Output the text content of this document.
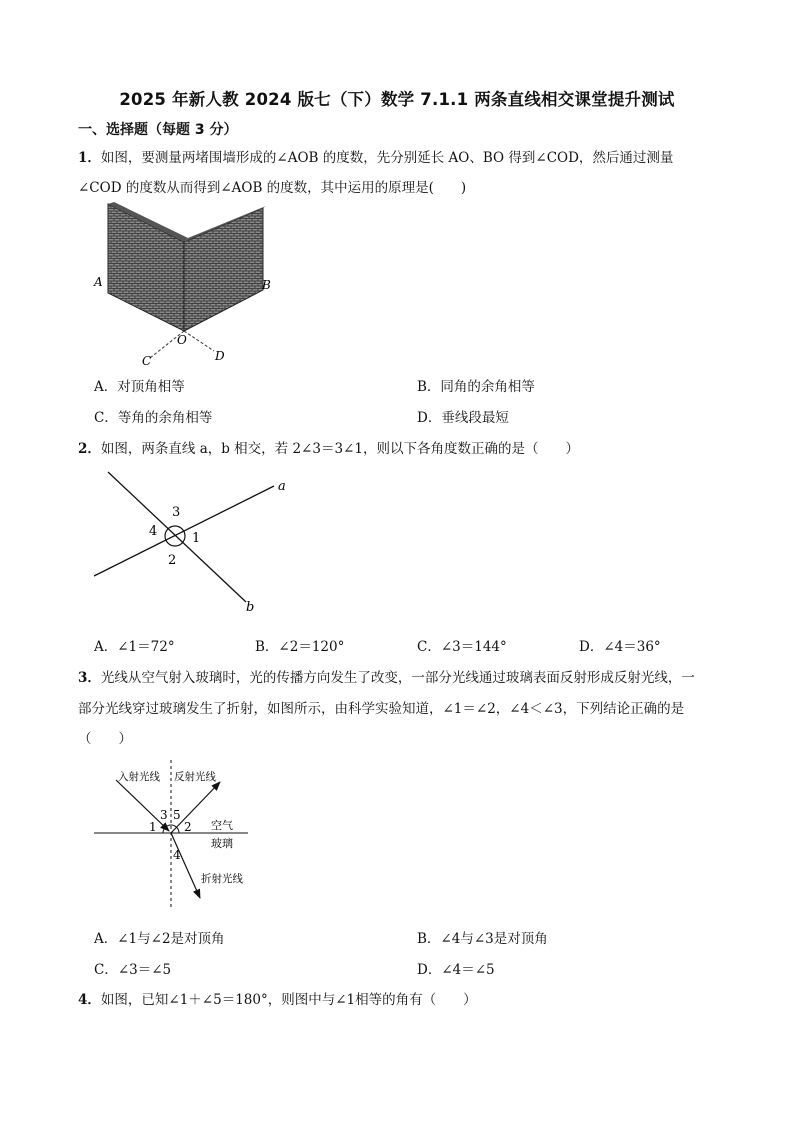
2025 年新人教 2024 版七（下）数学 7.1.1 两条直线相交课堂提升测试
一、选择题（每题 3 分）
1．如图，要测量两堵围墙形成的∠AOB 的度数，先分别延长 AO、BO 得到∠COD，然后通过测量
∠COD 的度数从而得到∠AOB 的度数，其中运用的原理是(　　)
A	B
O
C	D
A．对顶角相等	B．同角的余角相等
C．等角的余角相等	D．垂线段最短
2．如图，两条直线 a，b 相交，若 2∠3＝3∠1，则以下各角度数正确的是（　　）
a
b
1
2
3
4
A．∠1＝72°	B．∠2＝120°	C．∠3＝144°	D．∠4＝36°
3．光线从空气射入玻璃时，光的传播方向发生了改变，一部分光线通过玻璃表面反射形成反射光线，一
部分光线穿过玻璃发生了折射，如图所示，由科学实验知道，∠1＝∠2，∠4＜∠3，下列结论正确的是
（　　）
入射光线 反射光线
空气
玻璃
折射光线
1 2
3
4
5
A．∠1与∠2是对顶角	B．∠4与∠3是对顶角
C．∠3＝∠5	D．∠4＝∠5
4．如图，已知∠1＋∠5＝180°，则图中与∠1相等的角有（　　）
